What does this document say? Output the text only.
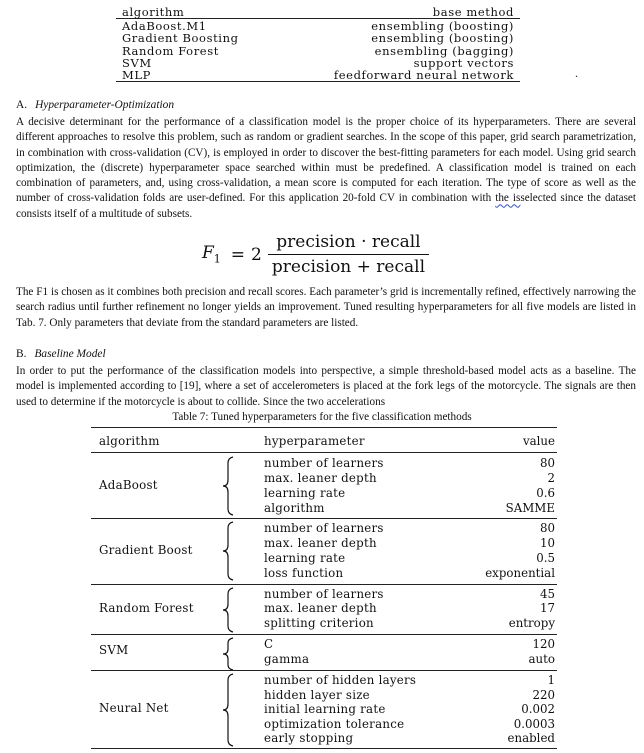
algorithm	base method
AdaBoost.M1	ensembling (boosting)
Gradient Boosting	ensembling (boosting)
Random Forest	ensembling (bagging)
SVM	support vectors
MLP	feedforward neural network	.
A. Hyperparameter-Optimization
A decisive determinant for the performance of a classification model is the proper choice of its hyperparameters. There are several different approaches to resolve this problem, such as random or gradient searches. In the scope of this paper, grid search parametrization, in combination with cross-validation (CV), is employed in order to discover the best-fitting parameters for each model. Using grid search optimization, the (discrete) hyperparameter space searched within must be predefined. A classification model is trained on each combination of parameters, and, using cross-validation, a mean score is computed for each iteration. The type of score as well as the number of cross-validation folds are user-defined. For this application 20-fold CV in combination with the isselected since the dataset consists itself of a multitude of subsets.
$F_1 = 2 \frac{\text{precision · recall}}{\text{precision + recall}}$
The F1 is chosen as it combines both precision and recall scores. Each parameter’s grid is incrementally refined, effectively narrowing the search radius until further refinement no longer yields an improvement. Tuned resulting hyperparameters for all five models are listed in Tab. 7. Only parameters that deviate from the standard parameters are listed.
B. Baseline Model
In order to put the performance of the classification models into perspective, a simple threshold-based model acts as a baseline. The model is implemented according to [19], where a set of accelerometers is placed at the fork legs of the motorcycle. The signals are then used to determine if the motorcycle is about to collide. Since the two accelerations
Table 7: Tuned hyperparameters for the five classification methods
algorithm	hyperparameter	value
AdaBoost
number of learners	80
max. leaner depth	2
learning rate	0.6
algorithm	SAMME
Gradient Boost
number of learners	80
max. leaner depth	10
learning rate	0.5
loss function	exponential
Random Forest
number of learners	45
max. leaner depth	17
splitting criterion	entropy
SVM	C	120
gamma	auto
Neural Net
number of hidden layers	1
hidden layer size	220
initial learning rate	0.002
optimization tolerance	0.0003
early stopping	enabled
